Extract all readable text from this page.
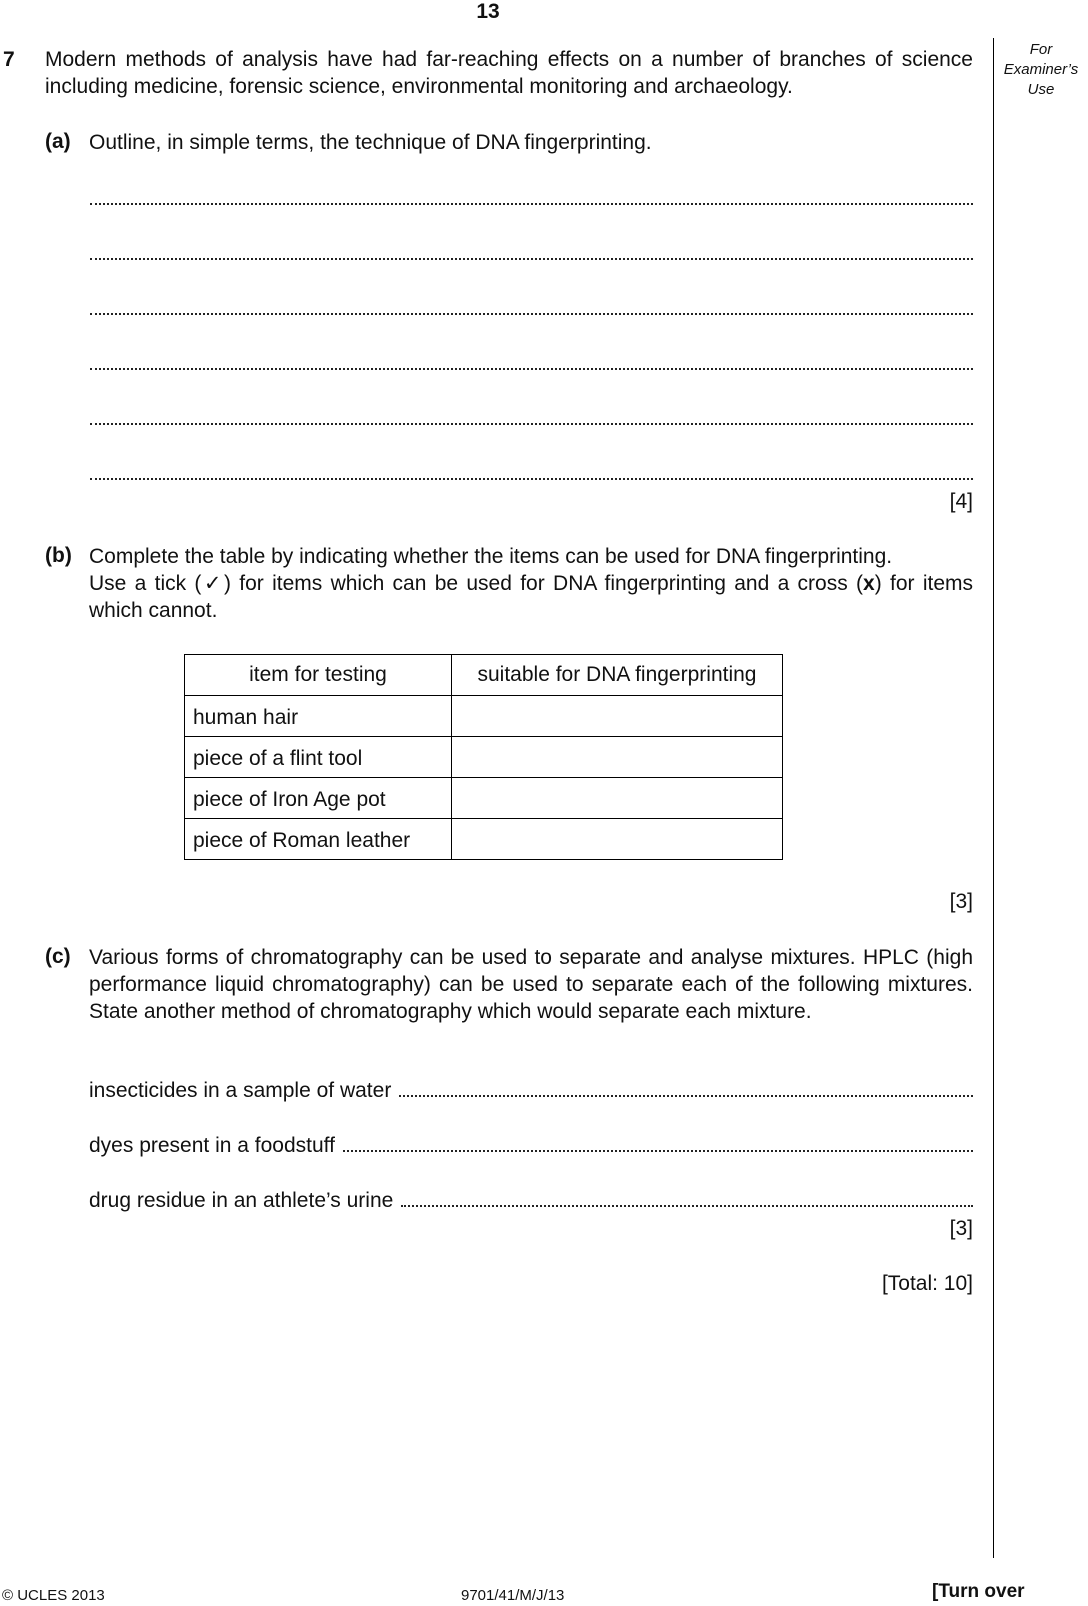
13
For
Examiner’s
Use
7 Modern methods of analysis have had far-reaching effects on a number of branches of science including medicine, forensic science, environmental monitoring and archaeology.
(a) Outline, in simple terms, the technique of DNA fingerprinting.
[4]
(b) Complete the table by indicating whether the items can be used for DNA fingerprinting.
Use a tick (✓) for items which can be used for DNA fingerprinting and a cross (x) for items which cannot.
item for testing	suitable for DNA fingerprinting
human hair	
piece of a flint tool	
piece of Iron Age pot	
piece of Roman leather	
[3]
(c) Various forms of chromatography can be used to separate and analyse mixtures. HPLC (high performance liquid chromatography) can be used to separate each of the following mixtures. State another method of chromatography which would separate each mixture.
insecticides in a sample of water
dyes present in a foodstuff
drug residue in an athlete’s urine
[3]
[Total: 10]
© UCLES 2013	9701/41/M/J/13	[Turn over
